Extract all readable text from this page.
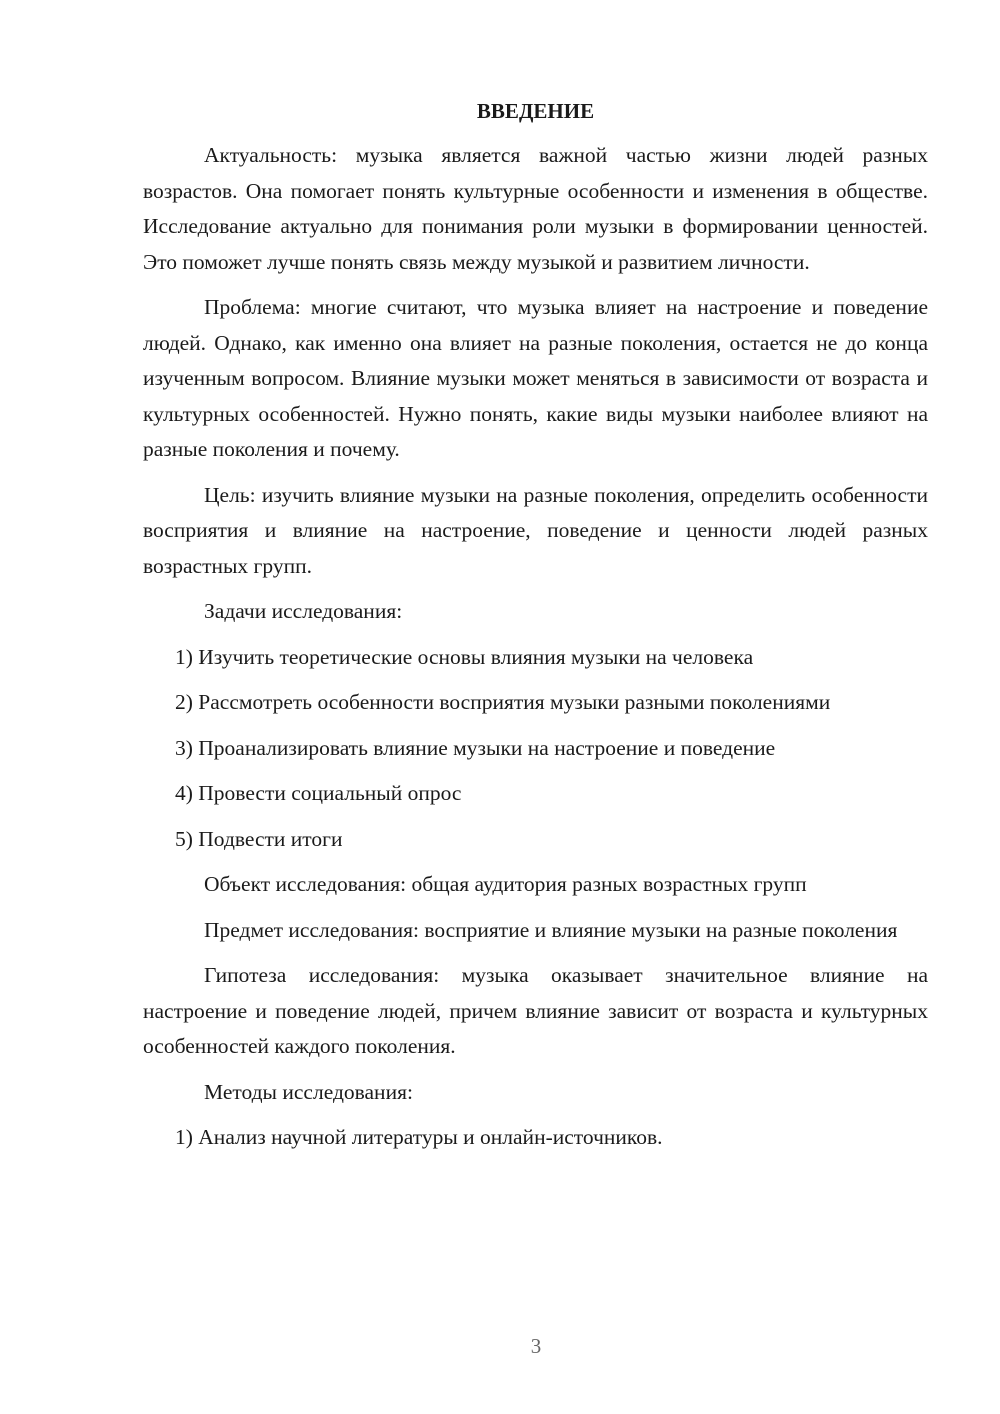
ВВЕДЕНИЕ

Актуальность: музыка является важной частью жизни людей разных возрастов. Она помогает понять культурные особенности и изменения в обществе. Исследование актуально для понимания роли музыки в формировании ценностей. Это поможет лучше понять связь между музыкой и развитием личности.

Проблема: многие считают, что музыка влияет на настроение и поведение людей. Однако, как именно она влияет на разные поколения, остается не до конца изученным вопросом. Влияние музыки может меняться в зависимости от возраста и культурных особенностей. Нужно понять, какие виды музыки наиболее влияют на разные поколения и почему.

Цель: изучить влияние музыки на разные поколения, определить особенности восприятия и влияние на настроение, поведение и ценности людей разных возрастных групп.

Задачи исследования:

1) Изучить теоретические основы влияния музыки на человека

2) Рассмотреть особенности восприятия музыки разными поколениями

3) Проанализировать влияние музыки на настроение и поведение

4) Провести социальный опрос

5) Подвести итоги

Объект исследования: общая аудитория разных возрастных групп

Предмет исследования: восприятие и влияние музыки на разные поколения

Гипотеза исследования: музыка оказывает значительное влияние на настроение и поведение людей, причем влияние зависит от возраста и культурных особенностей каждого поколения.

Методы исследования:

1) Анализ научной литературы и онлайн-источников.

3
